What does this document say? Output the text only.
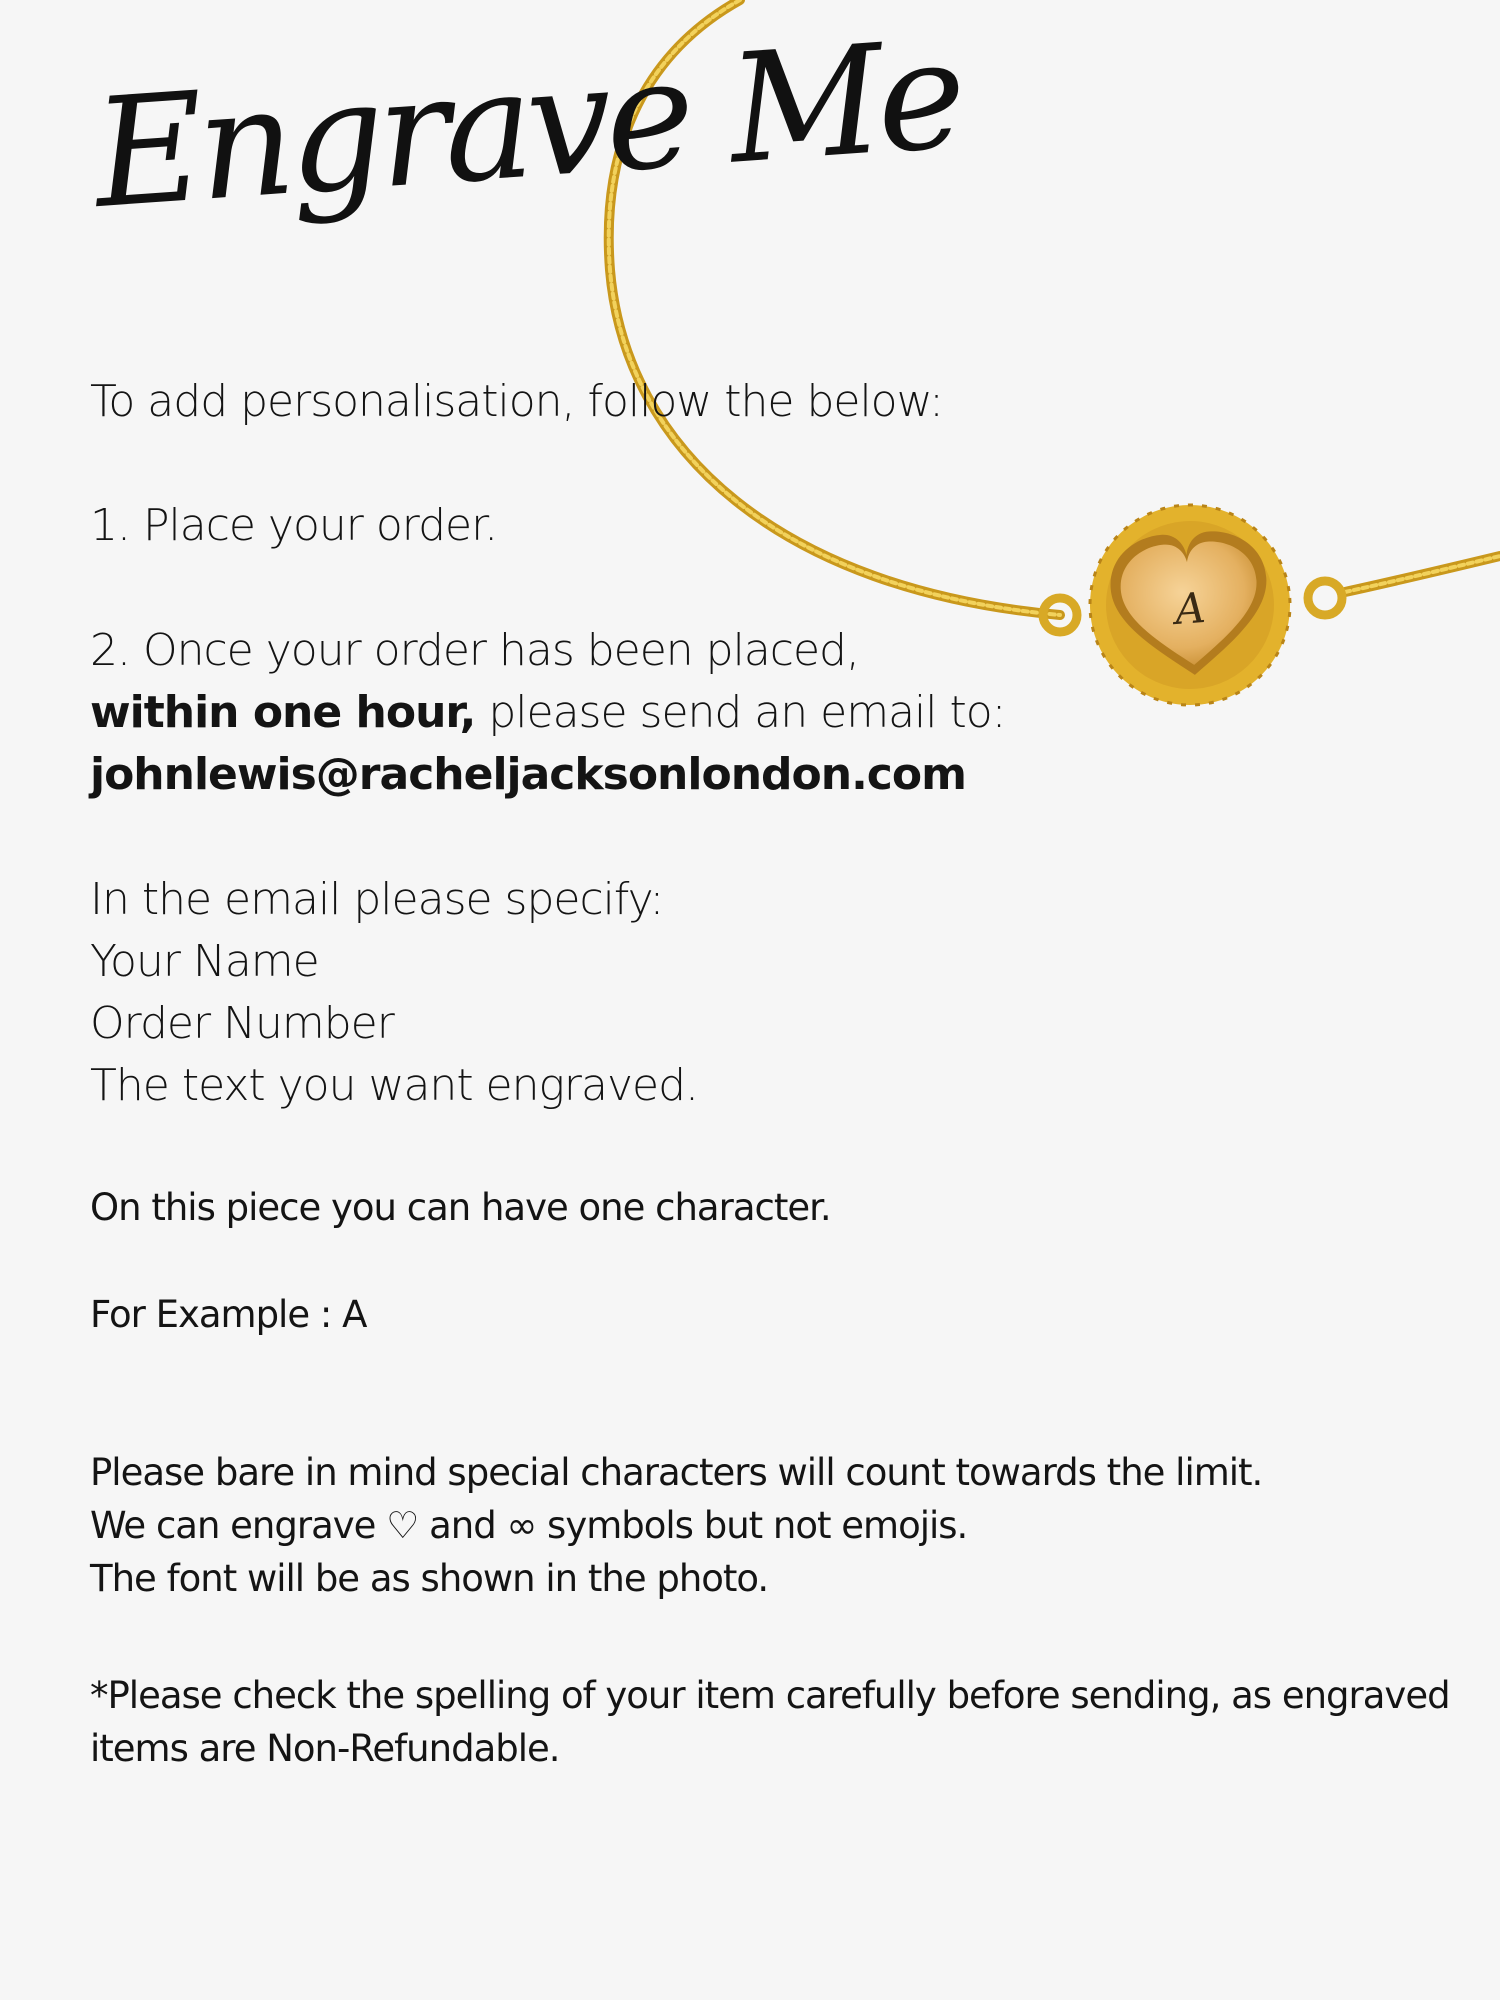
A
Engrave Me

To add personalisation, follow the below:

1. Place your order.

2. Once your order has been placed,
within one hour, please send an email to:
johnlewis@racheljacksonlondon.com
In the email please specify:
Your Name
Order Number
The text you want engraved.

On this piece you can have one character.

For Example : A

Please bare in mind special characters will count towards the limit.
We can engrave ♡ and ∞ symbols but not emojis.
The font will be as shown in the photo.
*Please check the spelling of your item carefully before sending, as engraved
items are Non-Refundable.
